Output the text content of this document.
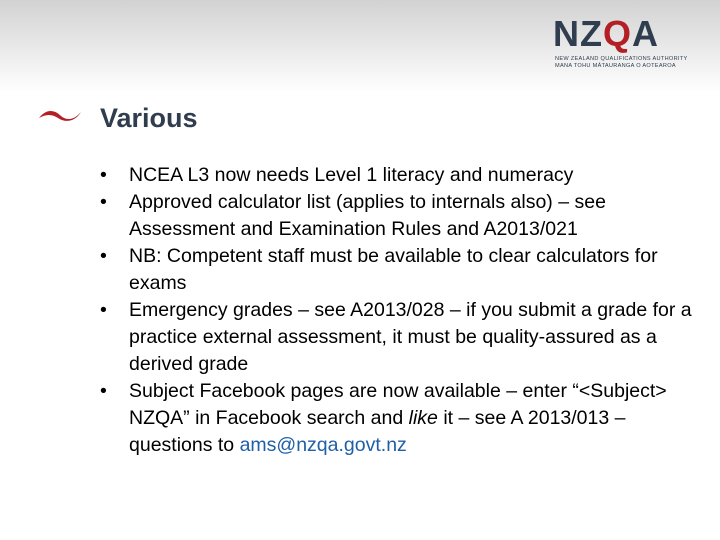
NZQA
NEW ZEALAND QUALIFICATIONS AUTHORITY
MANA TOHU MĀTAURANGA O AOTEAROA
Various
• NCEA L3 now needs Level 1 literacy and numeracy
• Approved calculator list (applies to internals also) – see Assessment and Examination Rules and A2013/021
• NB: Competent staff must be available to clear calculators for exams
• Emergency grades – see A2013/028 – if you submit a grade for a practice external assessment, it must be quality-assured as a derived grade
• Subject Facebook pages are now available – enter “<Subject> NZQA” in Facebook search and like it – see A 2013/013 – questions to ams@nzqa.govt.nz
